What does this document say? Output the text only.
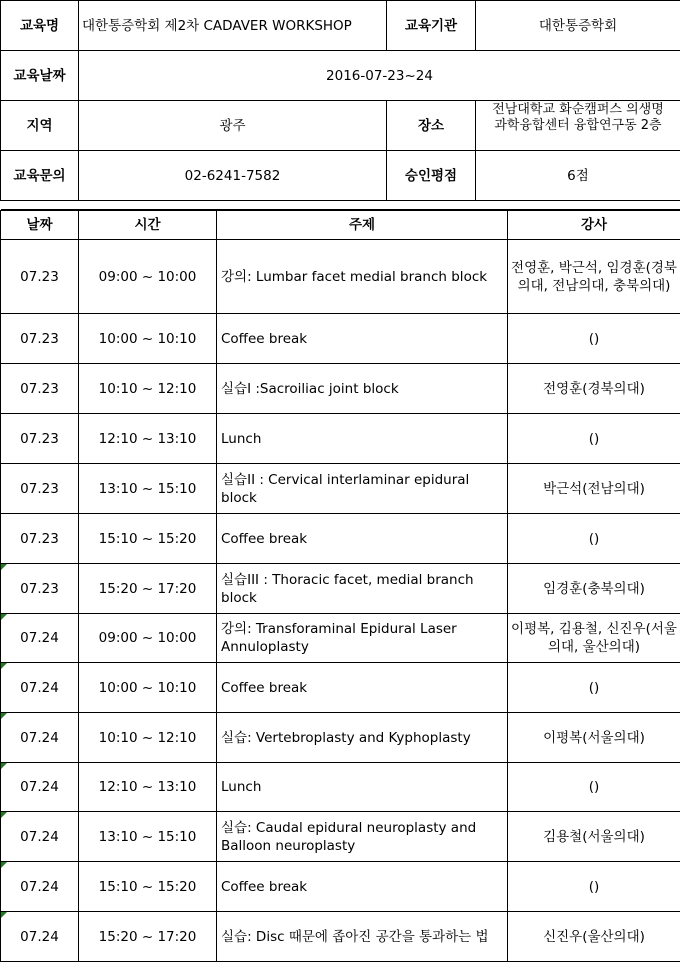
교육명	대한통증학회 제2차 CADAVER WORKSHOP	교육기관	대한통증학회
교육날짜	2016-07-23~24		
지역	광주	장소	전남대학교 화순캠퍼스 의생명과학융합센터 융합연구동 2층

교육문의	02-6241-7582	승인평점	6점

날짜	시간	주제	강사
07.23	09:00 ~ 10:00	강의: Lumbar facet medial branch block	전영훈, 박근석, 임경훈(경북의대, 전남의대, 충북의대)
07.23	10:00 ~ 10:10	Coffee break	()
07.23	10:10 ~ 12:10	실습I :Sacroiliac joint block	전영훈(경북의대)
07.23	12:10 ~ 13:10	Lunch	()
07.23	13:10 ~ 15:10	실습II : Cervical interlaminar epidural block	박근석(전남의대)
07.23	15:10 ~ 15:20	Coffee break	()
07.23	15:20 ~ 17:20	실습III : Thoracic facet, medial branch block	임경훈(충북의대)
07.24	09:00 ~ 10:00	강의: Transforaminal Epidural Laser Annuloplasty	이평복, 김용철, 신진우(서울의대, 울산의대)
07.24	10:00 ~ 10:10	Coffee break	()
07.24	10:10 ~ 12:10	실습: Vertebroplasty and Kyphoplasty	이평복(서울의대)
07.24	12:10 ~ 13:10	Lunch	()
07.24	13:10 ~ 15:10	실습: Caudal epidural neuroplasty and Balloon neuroplasty	김용철(서울의대)
07.24	15:10 ~ 15:20	Coffee break	()
07.24	15:20 ~ 17:20	실습: Disc 때문에 좁아진 공간을 통과하는 법	신진우(울산의대)
